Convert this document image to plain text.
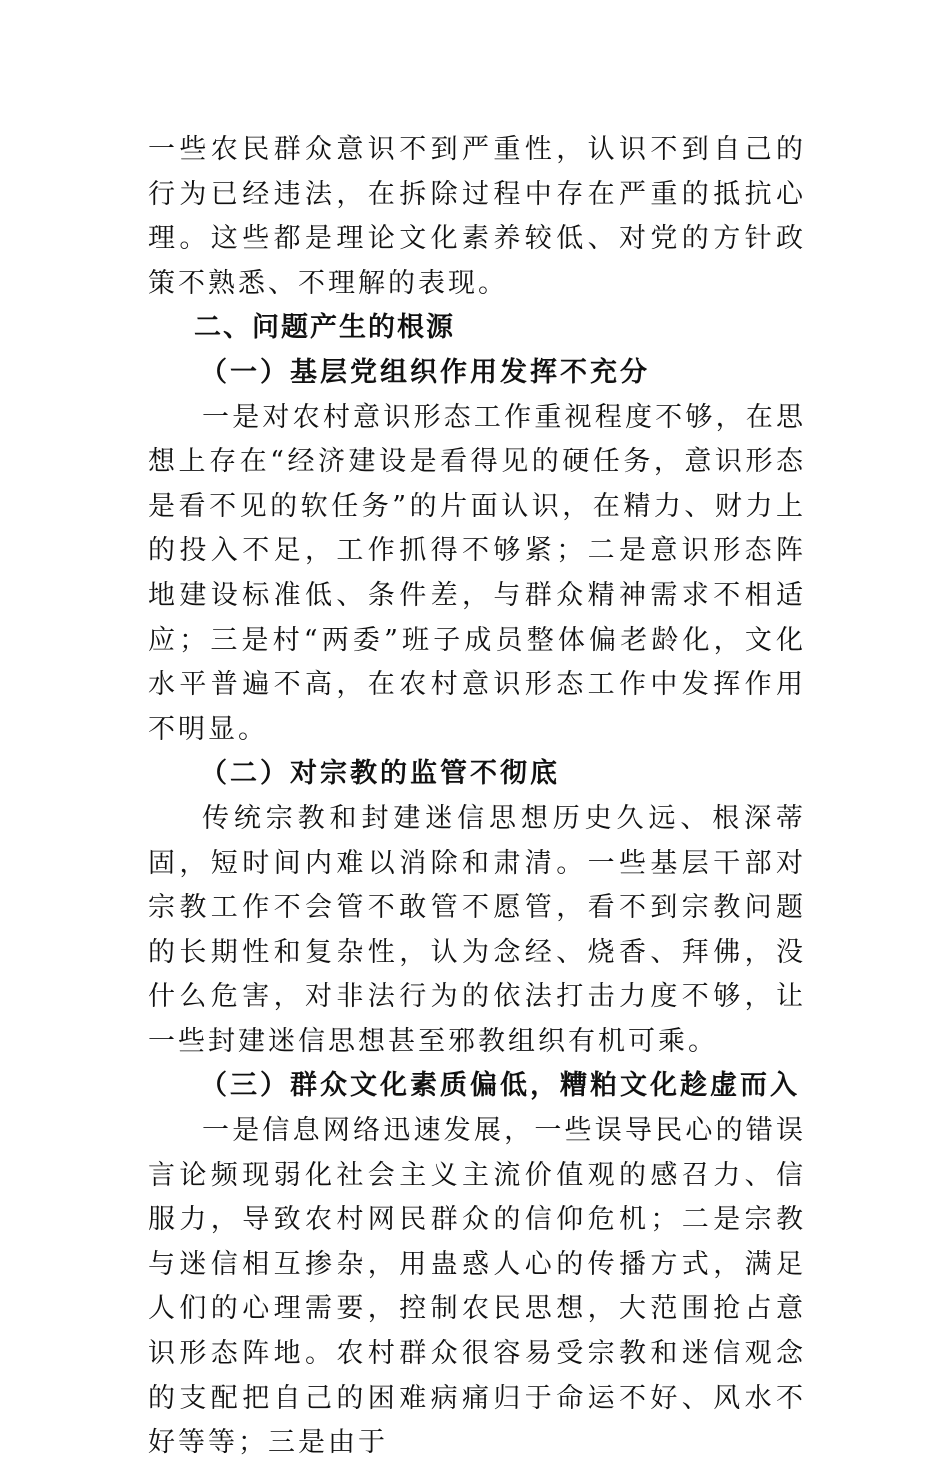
一些农民群众意识不到严重性，认识不到自己的行为已经违法，在拆除过程中存在严重的抵抗心理。这些都是理论文化素养较低、对党的方针政策不熟悉、不理解的表现。

二、问题产生的根源

（一）基层党组织作用发挥不充分

一是对农村意识形态工作重视程度不够，在思想上存在“经济建设是看得见的硬任务，意识形态是看不见的软任务”的片面认识，在精力、财力上的投入不足，工作抓得不够紧；二是意识形态阵地建设标准低、条件差，与群众精神需求不相适应；三是村“两委”班子成员整体偏老龄化，文化水平普遍不高，在农村意识形态工作中发挥作用不明显。

（二）对宗教的监管不彻底

传统宗教和封建迷信思想历史久远、根深蒂固，短时间内难以消除和肃清。一些基层干部对宗教工作不会管不敢管不愿管，看不到宗教问题的长期性和复杂性，认为念经、烧香、拜佛，没什么危害，对非法行为的依法打击力度不够，让一些封建迷信思想甚至邪教组织有机可乘。

（三）群众文化素质偏低，糟粕文化趁虚而入

一是信息网络迅速发展，一些误导民心的错误言论频现弱化社会主义主流价值观的感召力、信服力，导致农村网民群众的信仰危机；二是宗教与迷信相互掺杂，用蛊惑人心的传播方式，满足人们的心理需要，控制农民思想，大范围抢占意识形态阵地。农村群众很容易受宗教和迷信观念的支配把自己的困难病痛归于命运不好、风水不好等等；三是由于
